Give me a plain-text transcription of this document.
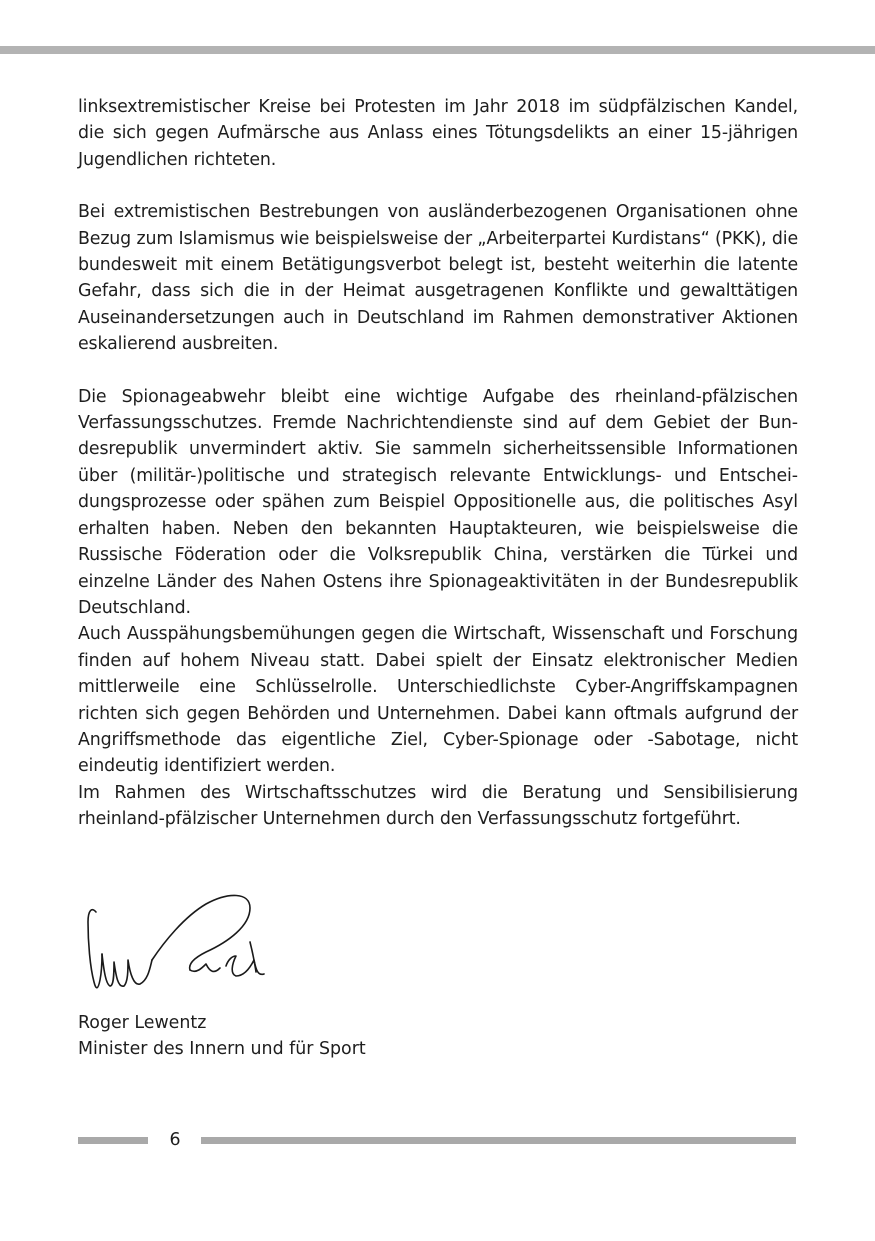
linksextremistischer Kreise bei Protesten im Jahr 2018 im südpfälzischen Kandel, die sich gegen Aufmärsche aus Anlass eines Tötungsdelikts an einer 15-jährigen Jugendlichen richteten.

Bei extremistischen Bestrebungen von ausländerbezogenen Organisationen ohne Bezug zum Islamismus wie beispielsweise der „Arbeiterpartei Kurdistans“ (PKK), die bundesweit mit einem Betätigungsverbot belegt ist, besteht weiterhin die latente Gefahr, dass sich die in der Heimat ausgetragenen Konflikte und gewalttätigen Auseinandersetzungen auch in Deutschland im Rahmen demonstrativer Aktionen eskalierend ausbreiten.

Die Spionageabwehr bleibt eine wichtige Aufgabe des rheinland-pfälzischen Verfassungsschutzes. Fremde Nachrichtendienste sind auf dem Gebiet der Bundesrepublik unvermindert aktiv. Sie sammeln sicherheitssensible Informationen über (militär-)politische und strategisch relevante Entwicklungs- und Entscheidungsprozesse oder spähen zum Beispiel Oppositionelle aus, die politisches Asyl erhalten haben. Neben den bekannten Hauptakteuren, wie beispielsweise die Russische Föderation oder die Volksrepublik China, verstärken die Türkei und einzelne Länder des Nahen Ostens ihre Spionageaktivitäten in der Bundesrepublik Deutschland.

Auch Ausspähungsbemühungen gegen die Wirtschaft, Wissenschaft und Forschung finden auf hohem Niveau statt. Dabei spielt der Einsatz elektronischer Medien mittlerweile eine Schlüsselrolle. Unterschiedlichste Cyber-Angriffskampagnen richten sich gegen Behörden und Unternehmen. Dabei kann oftmals aufgrund der Angriffsmethode das eigentliche Ziel, Cyber-Spionage oder -Sabotage, nicht eindeutig identifiziert werden.

Im Rahmen des Wirtschaftsschutzes wird die Beratung und Sensibilisierung rheinland-pfälzischer Unternehmen durch den Verfassungsschutz fortgeführt.

Roger Lewentz
Minister des Innern und für Sport
6
